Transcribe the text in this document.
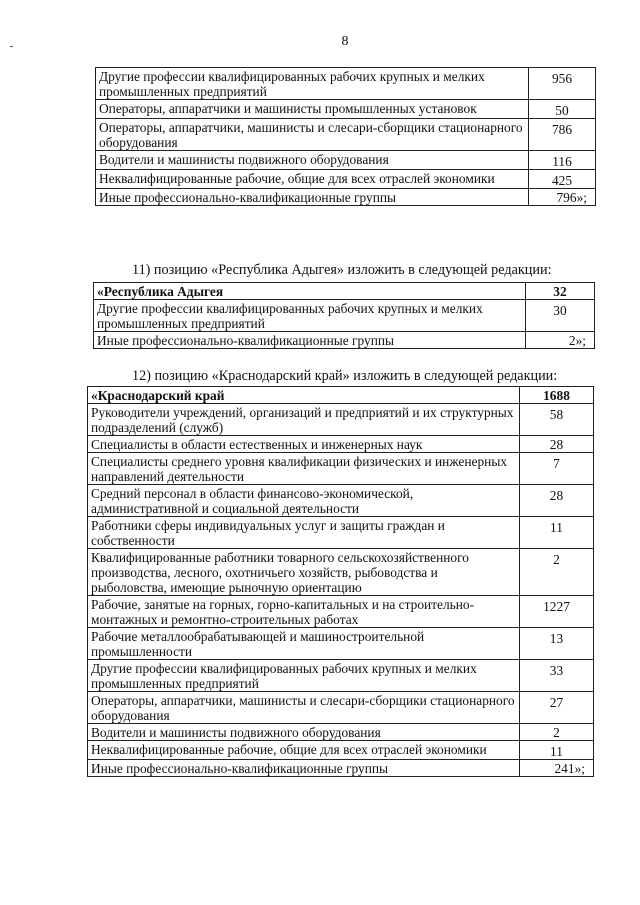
8
Другие профессии квалифицированных рабочих крупных и мелких промышленных предприятий	956
Операторы, аппаратчики и машинисты промышленных установок	50
Операторы, аппаратчики, машинисты и слесари-сборщики стационарного оборудования	786
Водители и машинисты подвижного оборудования	116
Неквалифицированные рабочие, общие для всех отраслей экономики	425
Иные профессионально-квалификационные группы	796»;
11) позицию «Республика Адыгея» изложить в следующей редакции:
«Республика Адыгея	32
Другие профессии квалифицированных рабочих крупных и мелких промышленных предприятий	30
Иные профессионально-квалификационные группы	2»;
12) позицию «Краснодарский край» изложить в следующей редакции:
«Краснодарский край	1688
Руководители учреждений, организаций и предприятий и их структурных подразделений (служб)	58
Специалисты в области естественных и инженерных наук	28
Специалисты среднего уровня квалификации физических и инженерных направлений деятельности	7
Средний персонал в области финансово-экономической, административной и социальной деятельности	28
Работники сферы индивидуальных услуг и защиты граждан и собственности	11
Квалифицированные работники товарного сельскохозяйственного производства, лесного, охотничьего хозяйств, рыбоводства и рыболовства, имеющие рыночную ориентацию	2
Рабочие, занятые на горных, горно-капитальных и на строительно-монтажных и ремонтно-строительных работах	1227
Рабочие металлообрабатывающей и машиностроительной промышленности	13
Другие профессии квалифицированных рабочих крупных и мелких промышленных предприятий	33
Операторы, аппаратчики, машинисты и слесари-сборщики стационарного оборудования	27
Водители и машинисты подвижного оборудования	2
Неквалифицированные рабочие, общие для всех отраслей экономики	11
Иные профессионально-квалификационные группы	241»;
